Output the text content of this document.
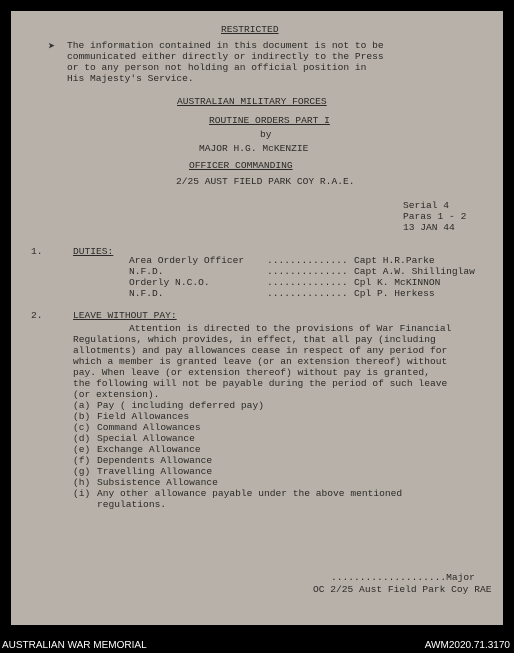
RESTRICTED
➤ The information contained in this document is not to be
communicated either directly or indirectly to the Press
or to any person not holding an official position in
His Majesty's Service.
AUSTRALIAN MILITARY FORCES
ROUTINE ORDERS PART I
by
MAJOR H.G. McKENZIE
OFFICER COMMANDING
2/25 AUST FIELD PARK COY R.A.E.
Serial 4
Paras 1 - 2
13 JAN 44
1.	DUTIES:
Area Orderly Officer .............. Capt H.R.Parke
N.F.D.	.............. Capt A.W. Shillinglaw
Orderly N.C.O.	.............. Cpl K. McKINNON
N.F.D.	.............. Cpl P. Herkess
2.	LEAVE WITHOUT PAY:
Attention is directed to the provisions of War Financial
Regulations, which provides, in effect, that all pay (including
allotments) and pay allowances cease in respect of any period for
which a member is granted leave (or an extension thereof) without
pay. When leave (or extension thereof) without pay is granted,
the following will not be payable during the period of such leave
(or extension).
(a) Pay ( including deferred pay)
(b) Field Allowances
(c) Command Allowances
(d) Special Allowance
(e) Exchange Allowance
(f) Dependents Allowance
(g) Travelling Allowance
(h) Subsistence Allowance
(i) Any other allowance payable under the above mentioned
regulations.
....................Major
OC 2/25 Aust Field Park Coy RAE
AUSTRALIAN WAR MEMORIAL	AWM2020.71.3170
